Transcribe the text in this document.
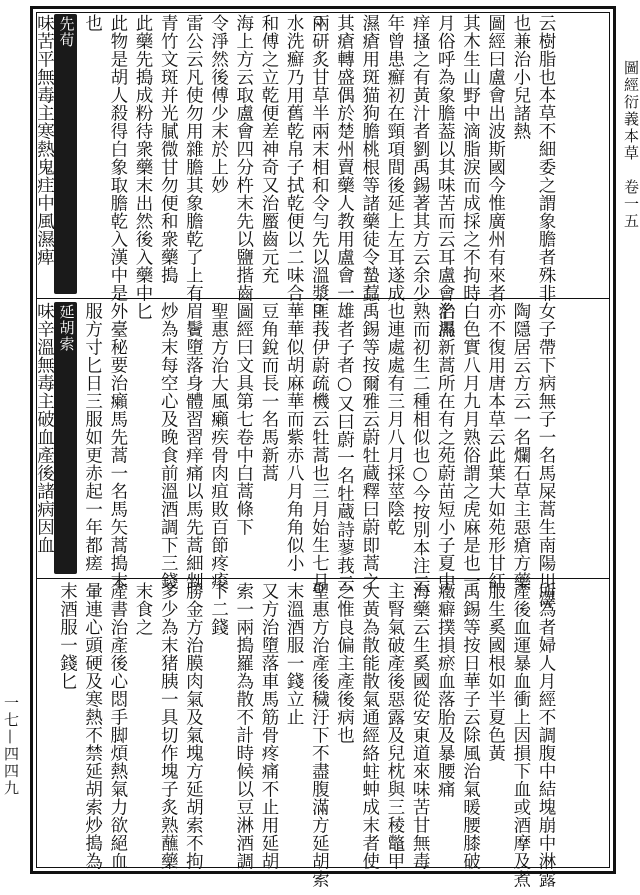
圖經衍義本草　卷一五
一七—四四九
云樹脂也本草不細委之謂象膽者殊非
也兼治小兒諸熱
圖經曰盧會出波斯國今惟廣州有來者
其木生山野中滴脂淚而成採之不拘時
月俗呼為象膽葢以其味苦而云耳盧會治濕
痒搔之有黃汁者劉禹錫著其方云余少
年曾患癬初在頸項間後延上左耳遂成
濕瘡用斑猫狗膽桃根等諸藥徒令蟄蠚
其瘡轉盛偶於楚州賣藥人教用盧會一
兩研炙甘草半兩末相和令勻先以溫漿
水洗癬乃用舊乾帛子拭乾便以二味合
和傅之立乾便差神奇又治蟨齒元充
海上方云取盧會四分杵末先以鹽揩齒
令淨然後傅少末於上妙
雷公云凡使勿用雜膽其象膽乾了上有
青竹文斑并光膩微甘勿便和衆藥搗
此藥先搗成粉待衆藥末出然後入藥中
此物是胡人殺得白象取膽乾入漢中是
也
先荀
味苦平無毒主寒熱鬼疰中風濕痺
女子帶下病無子一名馬屎蒿生南陽川澤
陶隱居云方云一名爛石草主惡瘡方藥
亦不復用唐本草云此葉大如苑形甘紅
白色實八月九月熟俗謂之虎麻是也一
名馬新蒿所在有之苑蔚苗短小子夏中
熟而初生二種相似也○今按別本注云
也連處處有三月八月採莖陰乾
禹錫等按爾雅云蔚牡蔵釋曰蔚即蒿之
雄者子者○又曰蔚一名牡蔵詩蓼莪云
匪莪伊蔚疏機云牡蒿也三月始生七月
華華似胡麻華而紫赤八月角角似小
豆角銳而長一名馬新蒿
圖經曰文具第七卷中白蒿條下
聖惠方治大風癩疾骨肉疽敗百節疼痠
眉鬢墮落身體習習痒痛以馬先蒿細剉
炒為末每空心及晚食前溫酒調下三錢
匕
外臺秘要治癩馬先蒿一名馬矢蒿搗末
服方寸匕日三服如更赤起一年都瘥
延胡索
味辛溫無毒主破血產後諸病因血
所為者婦人月經不調腹中結塊崩中淋露
產後血運暴血衝上因損下血或酒摩及煮
服生奚國根如半夏色黃
禹錫等按日華子云除風治氣暖腰膝破
癥癖撲損瘀血落胎及暴腰痛
海藥云生奚國從安東道來味苦甘無毒
主腎氣破產後惡露及兒枕與三稜鼈甲
大黃為散能散氣通經絡蛀蚛成末者使
之惟良偏主產後病也
聖惠方治產後穢汙下不盡腹滿方延胡索
末溫酒服一錢立止
又方治墮落車馬筋骨疼痛不止用延胡
索一兩搗羅為散不計時候以豆淋酒調
下二錢
勝金方治膜肉氣及氣塊方延胡索不拘
多少為末猪胰一具切作塊子炙熟蘸藥
末食之
產書治產後心悶手脚煩熱氣力欲絕血
暈連心頭硬及寒熱不禁延胡索炒搗為
末酒服一錢匕
